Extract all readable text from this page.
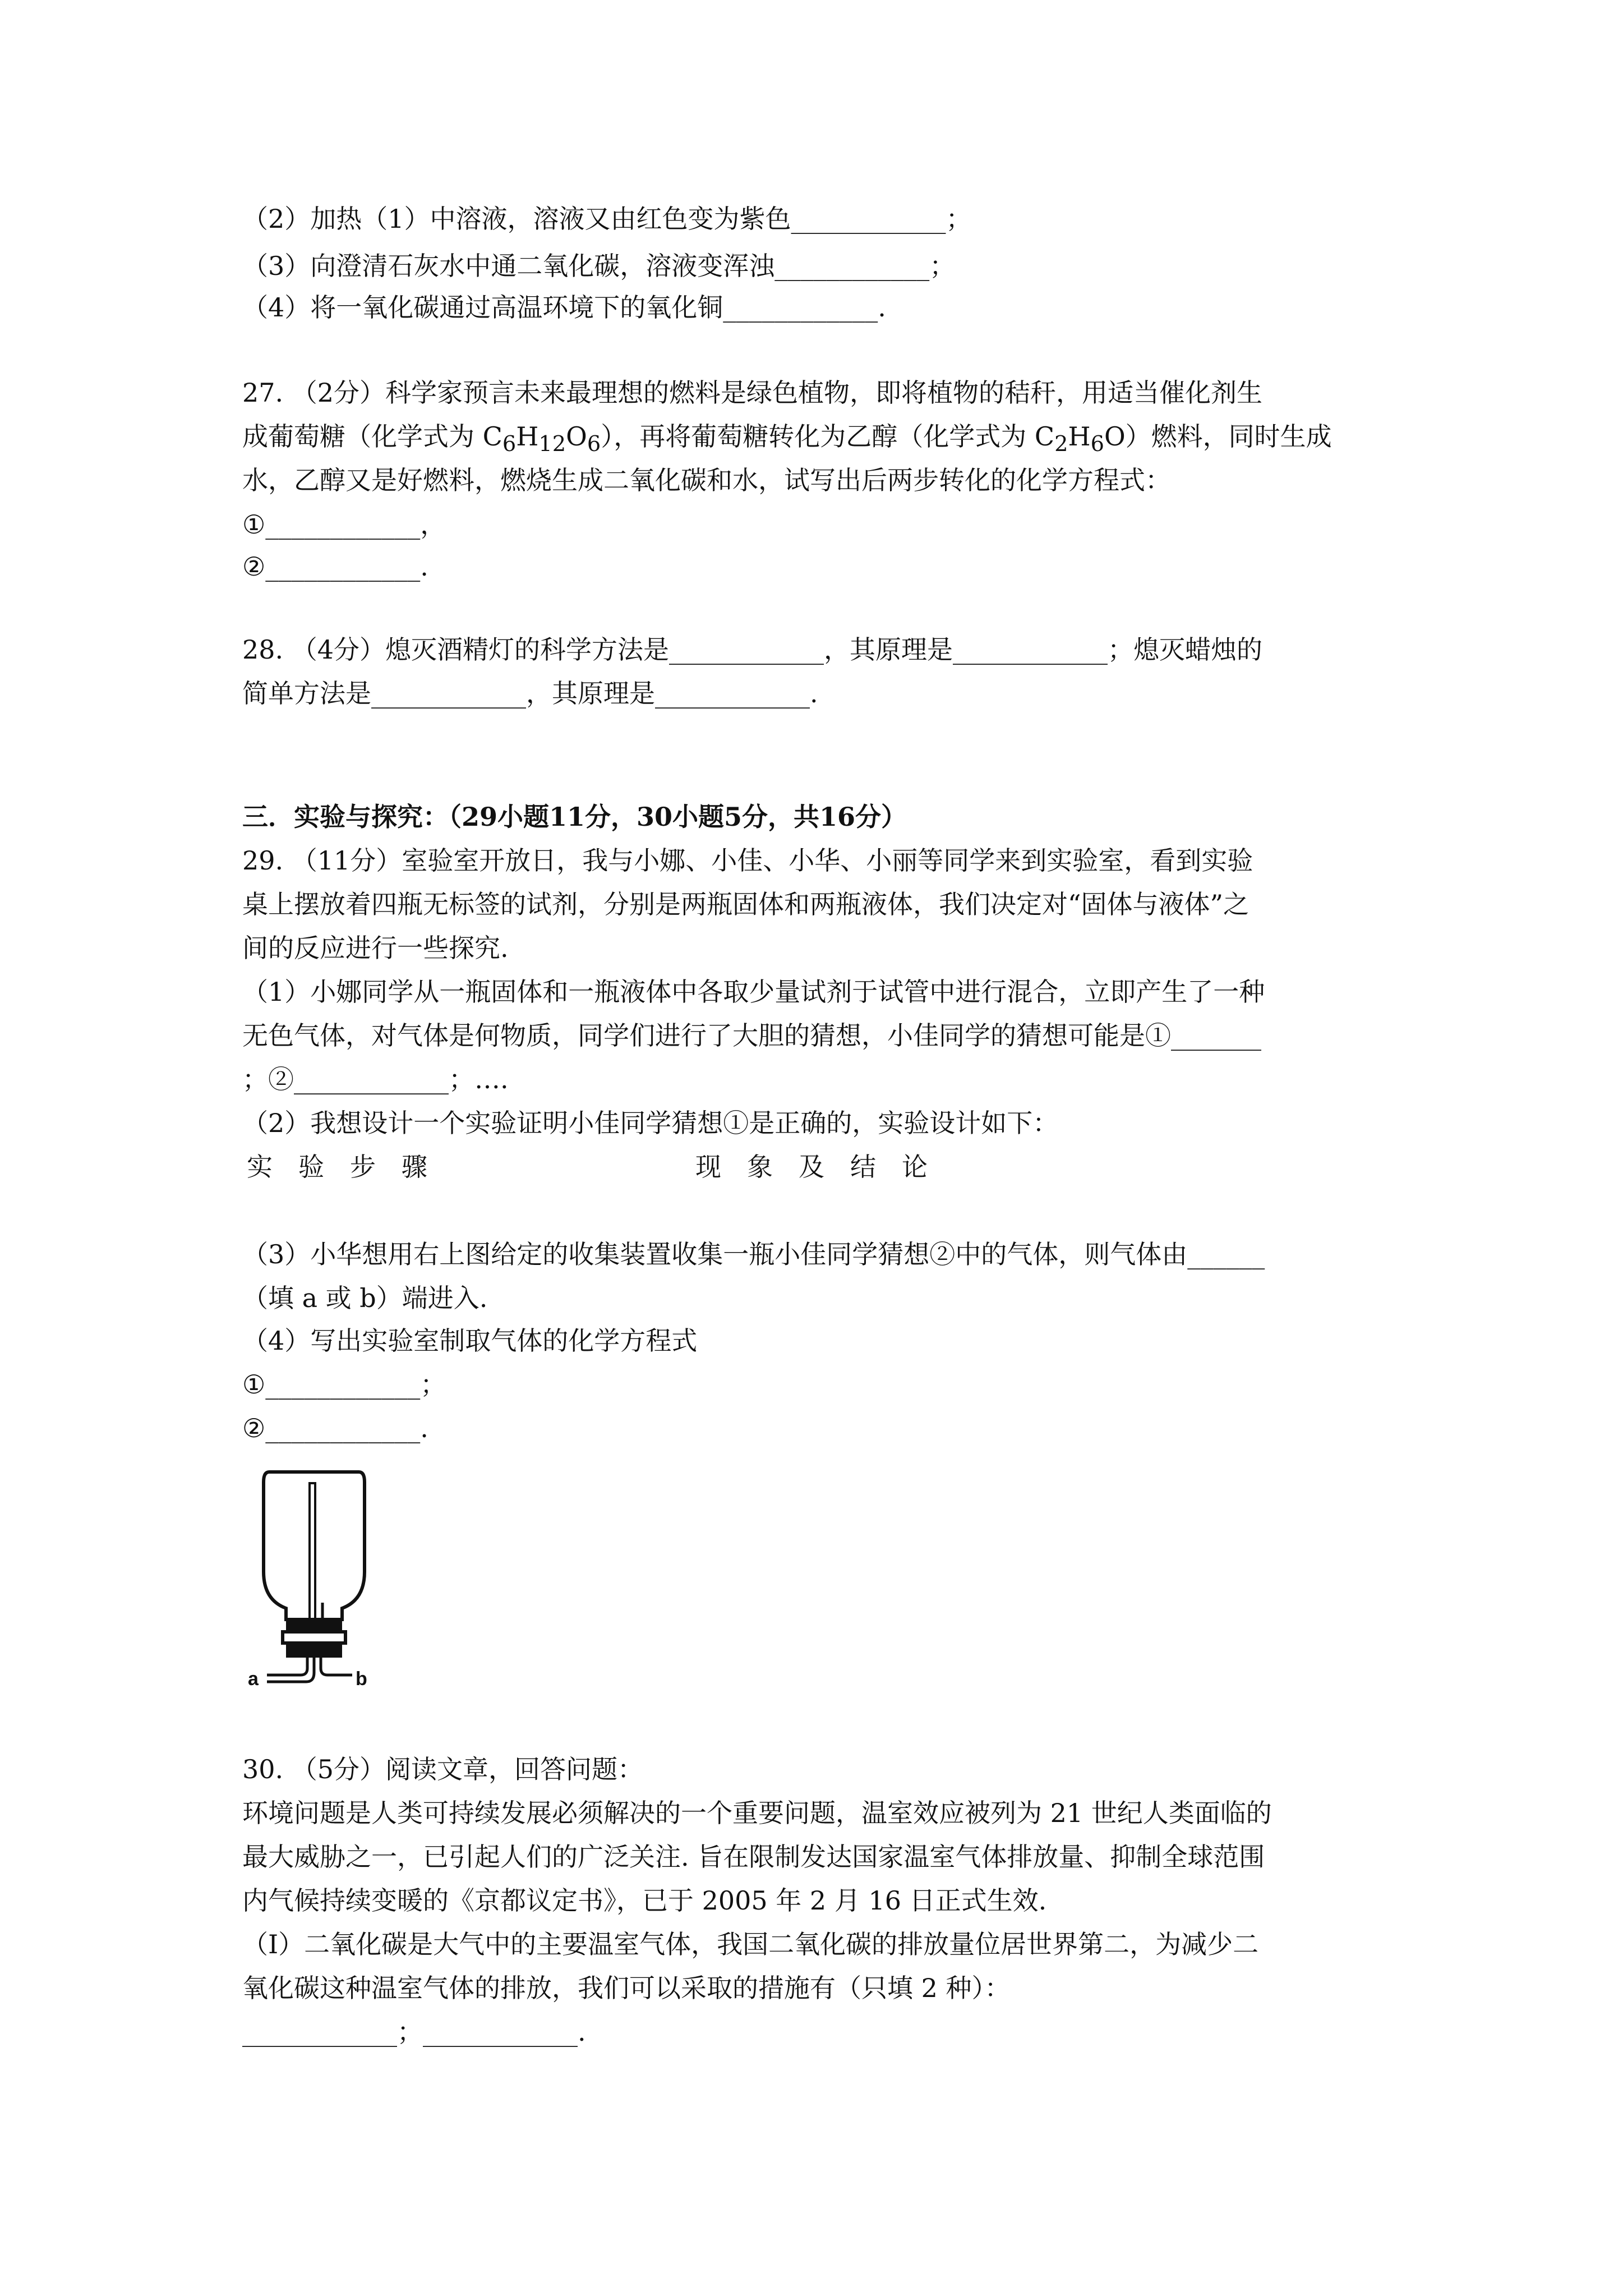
（2）加热（1）中溶液，溶液又由红色变为紫色____________；
（3）向澄清石灰水中通二氧化碳，溶液变浑浊____________；
（4）将一氧化碳通过高温环境下的氧化铜____________.
27. （2分）科学家预言未来最理想的燃料是绿色植物，即将植物的秸秆，用适当催化剂生
成葡萄糖（化学式为 $C_6H_{12}O_6$），再将葡萄糖转化为乙醇（化学式为 $C_2H_6O$）燃料，同时生成
水，乙醇又是好燃料，燃烧生成二氧化碳和水，试写出后两步转化的化学方程式：
①____________，
②____________.
28. （4分）熄灭酒精灯的科学方法是____________，其原理是____________；熄灭蜡烛的
简单方法是____________，其原理是____________.
三．实验与探究：（29小题11分，30小题5分，共16分）
29. （11分）室验室开放日，我与小娜、小佳、小华、小丽等同学来到实验室，看到实验
桌上摆放着四瓶无标签的试剂，分别是两瓶固体和两瓶液体，我们决定对“固体与液体”之
间的反应进行一些探究.
（1）小娜同学从一瓶固体和一瓶液体中各取少量试剂于试管中进行混合，立即产生了一种
无色气体，对气体是何物质，同学们进行了大胆的猜想，小佳同学的猜想可能是①_______
；②____________；….
（2）我想设计一个实验证明小佳同学猜想①是正确的，实验设计如下：
实　验　步　骤	现　象　及　结　论
（3）小华想用右上图给定的收集装置收集一瓶小佳同学猜想②中的气体，则气体由______
（填 a 或 b）端进入.
（4）写出实验室制取气体的化学方程式
①____________；
②____________.
a	b
30. （5分）阅读文章，回答问题：
环境问题是人类可持续发展必须解决的一个重要问题，温室效应被列为 21 世纪人类面临的
最大威胁之一，已引起人们的广泛关注. 旨在限制发达国家温室气体排放量、抑制全球范围
内气候持续变暖的《京都议定书》，已于 2005 年 2 月 16 日正式生效.
（Ⅰ）二氧化碳是大气中的主要温室气体，我国二氧化碳的排放量位居世界第二，为减少二
氧化碳这种温室气体的排放，我们可以采取的措施有（只填 2 种）：
____________；____________.
